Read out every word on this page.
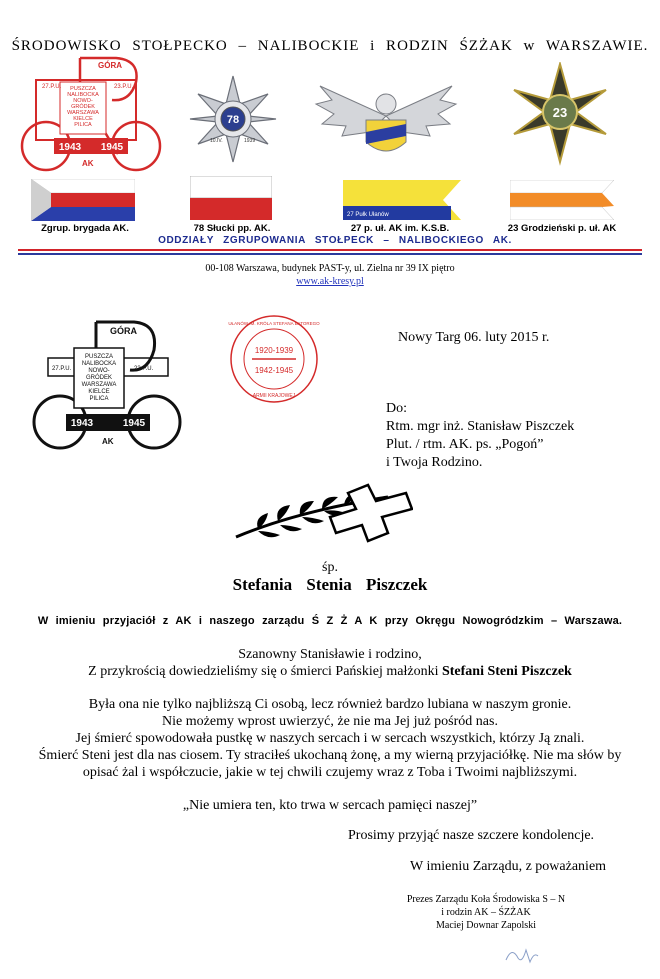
ŚRODOWISKO STOŁPECKO – NALIBOCKIE i RODZIN ŚZŻAK w WARSZAWIE.
PUSZCZA
NALIBOCKA
NOWO-
GRÓDEK
WARSZAWA
KIELCE
PILICA
GÓRA
27.P.U.	23.P.U.
1943 1945
AK
78
10.IV.	1939
23
27 Pułk Ułanów
Zgrup. brygada AK.	78 Słucki pp. AK.	27 p. uł. AK im. K.S.B.	23 Grodzieński p. uł. AK
ODDZIAŁY ZGRUPOWANIA STOŁPECK – NALIBOCKIEGO AK.
00-108 Warszawa, budynek PAST-y, ul. Zielna nr 39 IX piętro
www.ak-kresy.pl
PUSZCZA
NALIBOCKA
NOWO-
GRÓDEK
WARSZAWA
KIELCE
PILICA
GÓRA
27.P.U.	23.P.U.
1943	1945
AK
1920-1939
1942-1945
UŁANÓW IM. KRÓLA STEFANA BATOREGO
ARMII KRAJOWEJ
Nowy Targ 06. luty 2015 r.
Do:
Rtm. mgr inż. Stanisław Piszczek
Plut. / rtm. AK. ps. „Pogoń”
i Twoja Rodzino.
śp.
Stefania Stenia Piszczek
W imieniu przyjaciół z AK i naszego zarządu Ś Z Ż A K przy Okręgu Nowogródzkim – Warszawa.
Szanowny Stanisławie i rodzino,
Z przykrością dowiedzieliśmy się o śmierci Pańskiej małżonki Stefani Steni Piszczek
Była ona nie tylko najbliższą Ci osobą, lecz również bardzo lubiana w naszym gronie.
Nie możemy wprost uwierzyć, że nie ma Jej już pośród nas.
Jej śmierć spowodowała pustkę w naszych sercach i w sercach wszystkich, którzy Ją znali.
Śmierć Steni jest dla nas ciosem. Ty straciłeś ukochaną żonę, a my wierną przyjaciółkę. Nie ma słów by
opisać żal i współczucie, jakie w tej chwili czujemy wraz z Toba i Twoimi najbliższymi.
„Nie umiera ten, kto trwa w sercach pamięci naszej”
Prosimy przyjąć nasze szczere kondolencje.
W imieniu Zarządu, z poważaniem
Prezes Zarządu Koła Środowiska S – N
i rodzin AK – ŚZŻAK
Maciej Downar Zapolski
